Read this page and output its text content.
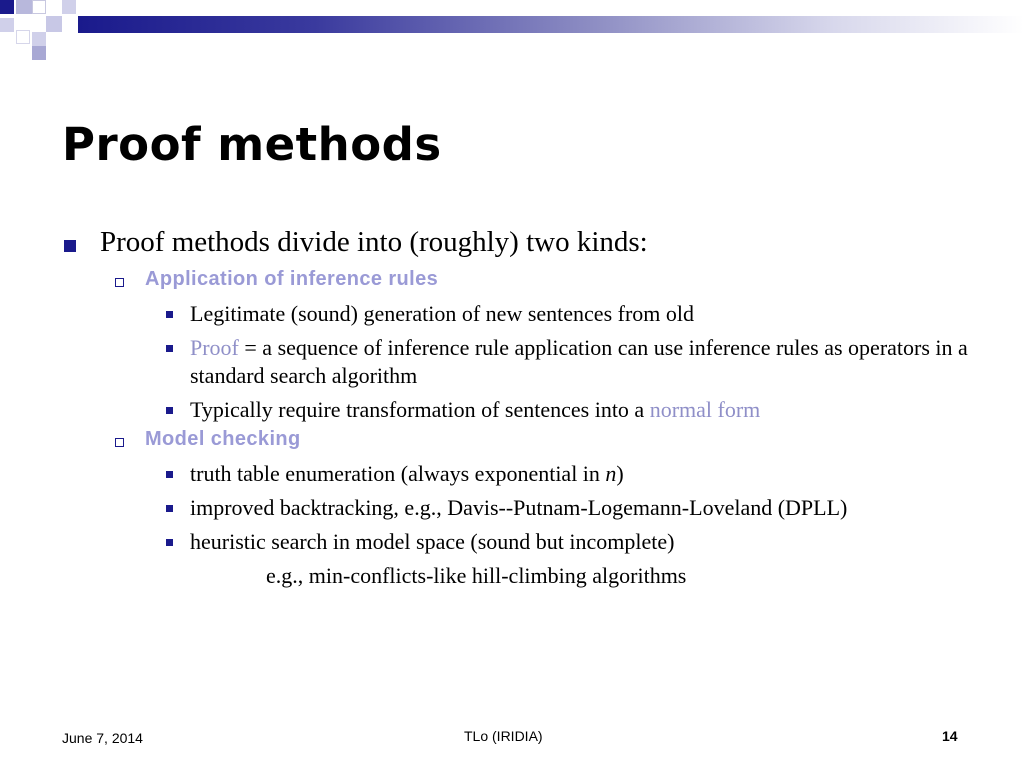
Proof methods
Proof methods divide into (roughly) two kinds:
Application of inference rules
Legitimate (sound) generation of new sentences from old
Proof = a sequence of inference rule application can use inference rules as operators in a standard search algorithm
Typically require transformation of sentences into a normal form
Model checking
truth table enumeration (always exponential in n)
improved backtracking, e.g., Davis--Putnam-Logemann-Loveland (DPLL)
heuristic search in model space (sound but incomplete)
e.g., min-conflicts-like hill-climbing algorithms
June 7, 2014	TLo (IRIDIA)	14
